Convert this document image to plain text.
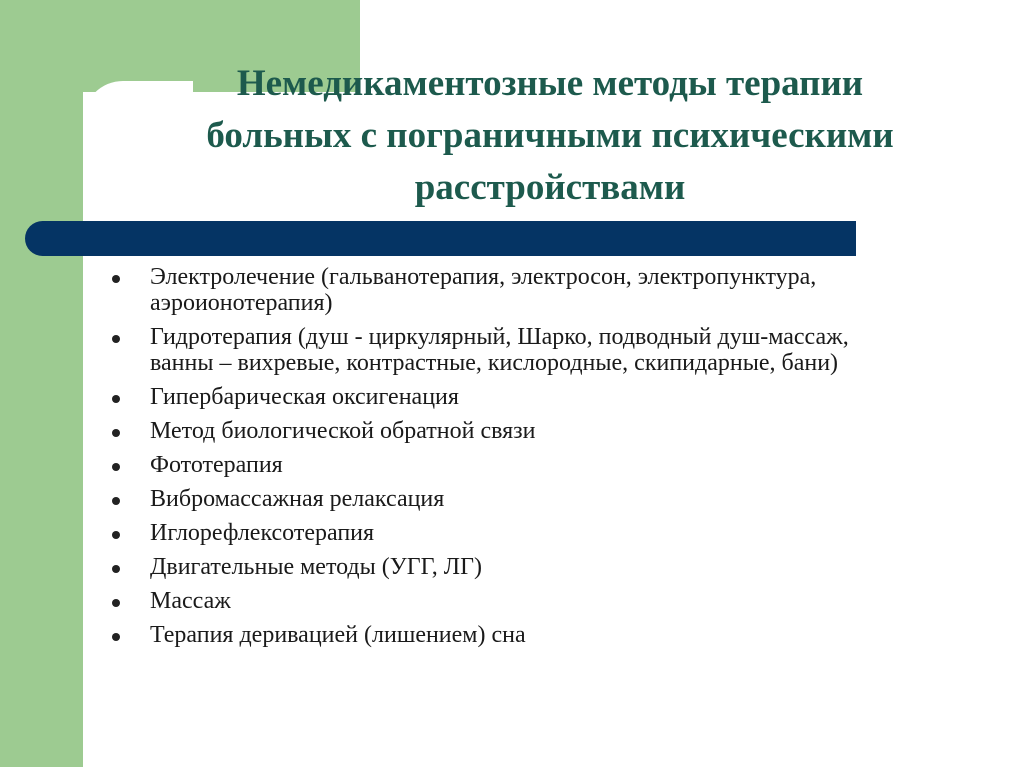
Немедикаментозные методы терапии
больных с пограничными психическими
расстройствами
Электролечение (гальванотерапия, электросон, электропунктура,
аэроионотерапия)
Гидротерапия (душ - циркулярный, Шарко, подводный душ-массаж,
ванны – вихревые, контрастные, кислородные, скипидарные, бани)
Гипербарическая оксигенация
Метод биологической обратной связи
Фототерапия
Вибромассажная релаксация
Иглорефлексотерапия
Двигательные методы (УГГ, ЛГ)
Массаж
Терапия деривацией (лишением) сна
